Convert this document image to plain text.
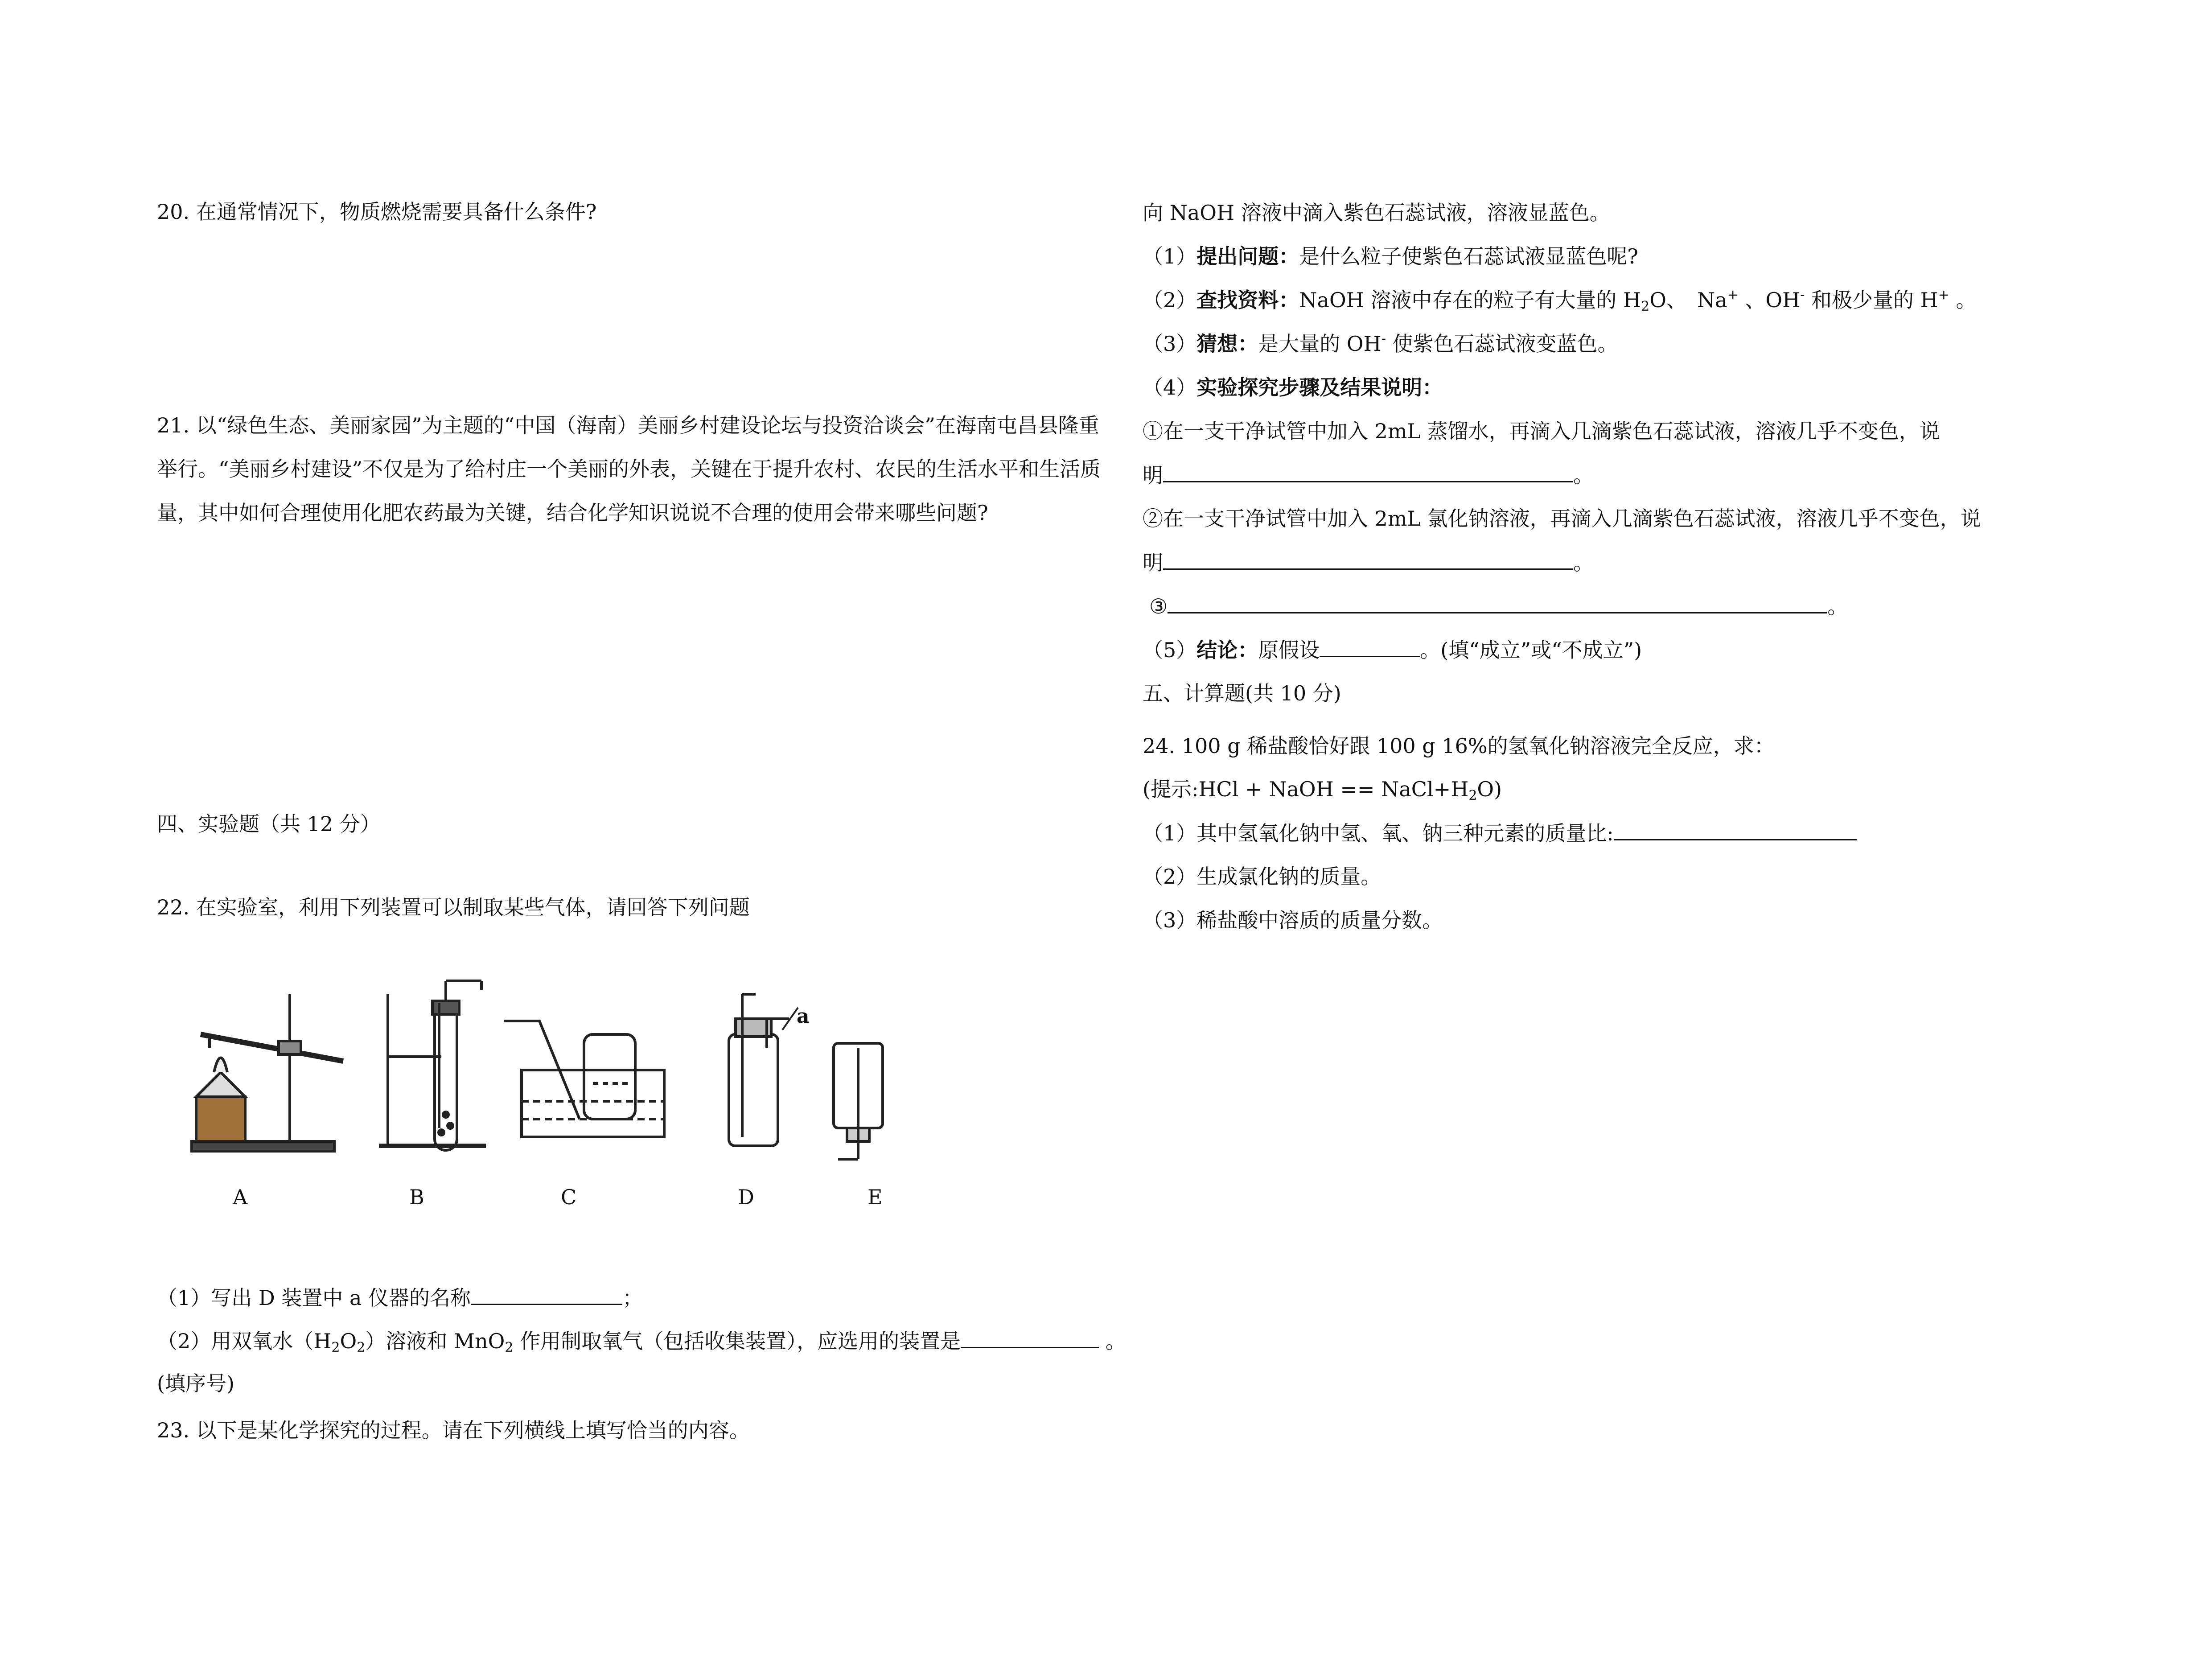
20. 在通常情况下，物质燃烧需要具备什么条件?
21. 以“绿色生态、美丽家园”为主题的“中国（海南）美丽乡村建设论坛与投资洽谈会”在海南屯昌县隆重举行。“美丽乡村建设”不仅是为了给村庄一个美丽的外表，关键在于提升农村、农民的生活水平和生活质量，其中如何合理使用化肥农药最为关键，结合化学知识说说不合理的使用会带来哪些问题?
四、实验题（共 12 分）
22. 在实验室，利用下列装置可以制取某些气体，请回答下列问题
a
A	B	C	D	E
（1）写出 D 装置中 a 仪器的名称	；
（2）用双氧水$(H_2O_2)$溶液和 MnO$_2$ 作用制取氧气（包括收集装置），应选用的装置是	。
(填序号)
23. 以下是某化学探究的过程。请在下列横线上填写恰当的内容。
向 NaOH 溶液中滴入紫色石蕊试液，溶液显蓝色。
（1）提出问题：是什么粒子使紫色石蕊试液显蓝色呢?
（2）查找资料：NaOH 溶液中存在的粒子有大量的 $H_2O$、　Na+ 、OH- 和极少量的 H+ 。
（3）猜想：是大量的 OH- 使紫色石蕊试液变蓝色。
（4）实验探究步骤及结果说明：
①在一支干净试管中加入 2mL 蒸馏水，再滴入几滴紫色石蕊试液，溶液几乎不变色，说
明	。
②在一支干净试管中加入 2mL 氯化钠溶液，再滴入几滴紫色石蕊试液，溶液几乎不变色，说
明	。
③	。
（5）结论：原假设	。(填“成立”或“不成立”)
五、计算题(共 10 分)
24. 100 g 稀盐酸恰好跟 100 g 16%的氢氧化钠溶液完全反应，求：
(提示:HCl + NaOH == $NaCl+H_2O$)
（1）其中氢氧化钠中氢、氧、钠三种元素的质量比:
（2）生成氯化钠的质量。
（3）稀盐酸中溶质的质量分数。
